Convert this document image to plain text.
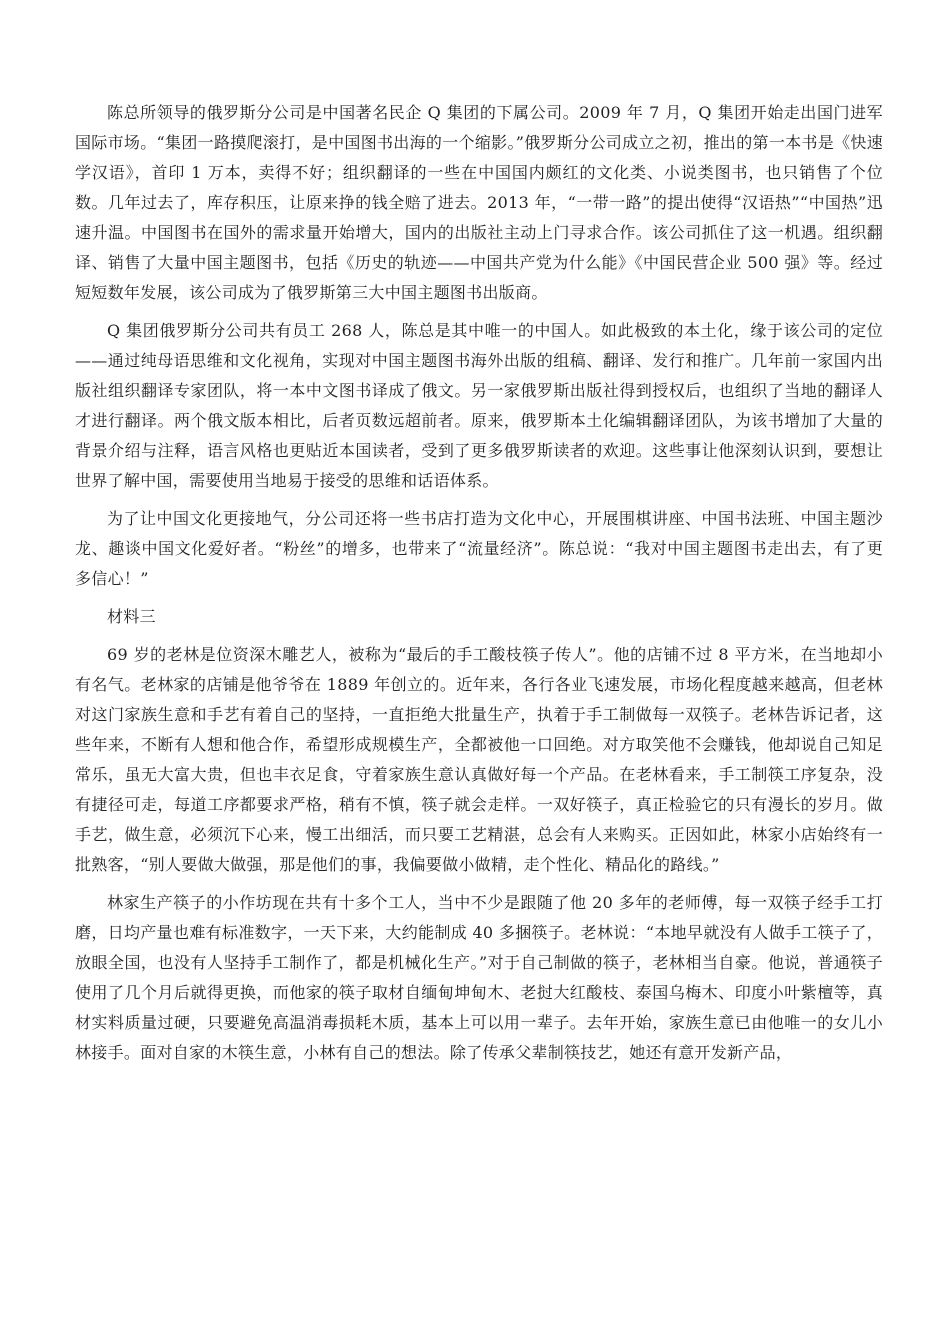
陈总所领导的俄罗斯分公司是中国著名民企 Q 集团的下属公司。2009 年 7 月，Q 集团开始走出国门进军国际市场。“集团一路摸爬滚打，是中国图书出海的一个缩影。”俄罗斯分公司成立之初，推出的第一本书是《快速学汉语》，首印 1 万本，卖得不好；组织翻译的一些在中国国内颇红的文化类、小说类图书，也只销售了个位数。几年过去了，库存积压，让原来挣的钱全赔了进去。2013 年，“一带一路”的提出使得“汉语热”“中国热”迅速升温。中国图书在国外的需求量开始增大，国内的出版社主动上门寻求合作。该公司抓住了这一机遇。组织翻译、销售了大量中国主题图书，包括《历史的轨迹——中国共产党为什么能》《中国民营企业 500 强》等。经过短短数年发展，该公司成为了俄罗斯第三大中国主题图书出版商。

Q 集团俄罗斯分公司共有员工 268 人，陈总是其中唯一的中国人。如此极致的本土化，缘于该公司的定位——通过纯母语思维和文化视角，实现对中国主题图书海外出版的组稿、翻译、发行和推广。几年前一家国内出版社组织翻译专家团队，将一本中文图书译成了俄文。另一家俄罗斯出版社得到授权后，也组织了当地的翻译人才进行翻译。两个俄文版本相比，后者页数远超前者。原来，俄罗斯本土化编辑翻译团队，为该书增加了大量的背景介绍与注释，语言风格也更贴近本国读者，受到了更多俄罗斯读者的欢迎。这些事让他深刻认识到，要想让世界了解中国，需要使用当地易于接受的思维和话语体系。

为了让中国文化更接地气，分公司还将一些书店打造为文化中心，开展围棋讲座、中国书法班、中国主题沙龙、趣谈中国文化爱好者。“粉丝”的增多，也带来了“流量经济”。陈总说：“我对中国主题图书走出去，有了更多信心！”

材料三

69 岁的老林是位资深木雕艺人，被称为“最后的手工酸枝筷子传人”。他的店铺不过 8 平方米，在当地却小有名气。老林家的店铺是他爷爷在 1889 年创立的。近年来，各行各业飞速发展，市场化程度越来越高，但老林对这门家族生意和手艺有着自己的坚持，一直拒绝大批量生产，执着于手工制做每一双筷子。老林告诉记者，这些年来，不断有人想和他合作，希望形成规模生产，全都被他一口回绝。对方取笑他不会赚钱，他却说自己知足常乐，虽无大富大贵，但也丰衣足食，守着家族生意认真做好每一个产品。在老林看来，手工制筷工序复杂，没有捷径可走，每道工序都要求严格，稍有不慎，筷子就会走样。一双好筷子，真正检验它的只有漫长的岁月。做手艺，做生意，必须沉下心来，慢工出细活，而只要工艺精湛，总会有人来购买。正因如此，林家小店始终有一批熟客，“别人要做大做强，那是他们的事，我偏要做小做精，走个性化、精品化的路线。”

林家生产筷子的小作坊现在共有十多个工人，当中不少是跟随了他 20 多年的老师傅，每一双筷子经手工打磨，日均产量也难有标准数字，一天下来，大约能制成 40 多捆筷子。老林说：“本地早就没有人做手工筷子了，放眼全国，也没有人坚持手工制作了，都是机械化生产。”对于自己制做的筷子，老林相当自豪。他说，普通筷子使用了几个月后就得更换，而他家的筷子取材自缅甸坤甸木、老挝大红酸枝、泰国乌梅木、印度小叶紫檀等，真材实料质量过硬，只要避免高温消毒损耗木质，基本上可以用一辈子。去年开始，家族生意已由他唯一的女儿小林接手。面对自家的木筷生意，小林有自己的想法。除了传承父辈制筷技艺，她还有意开发新产品，
